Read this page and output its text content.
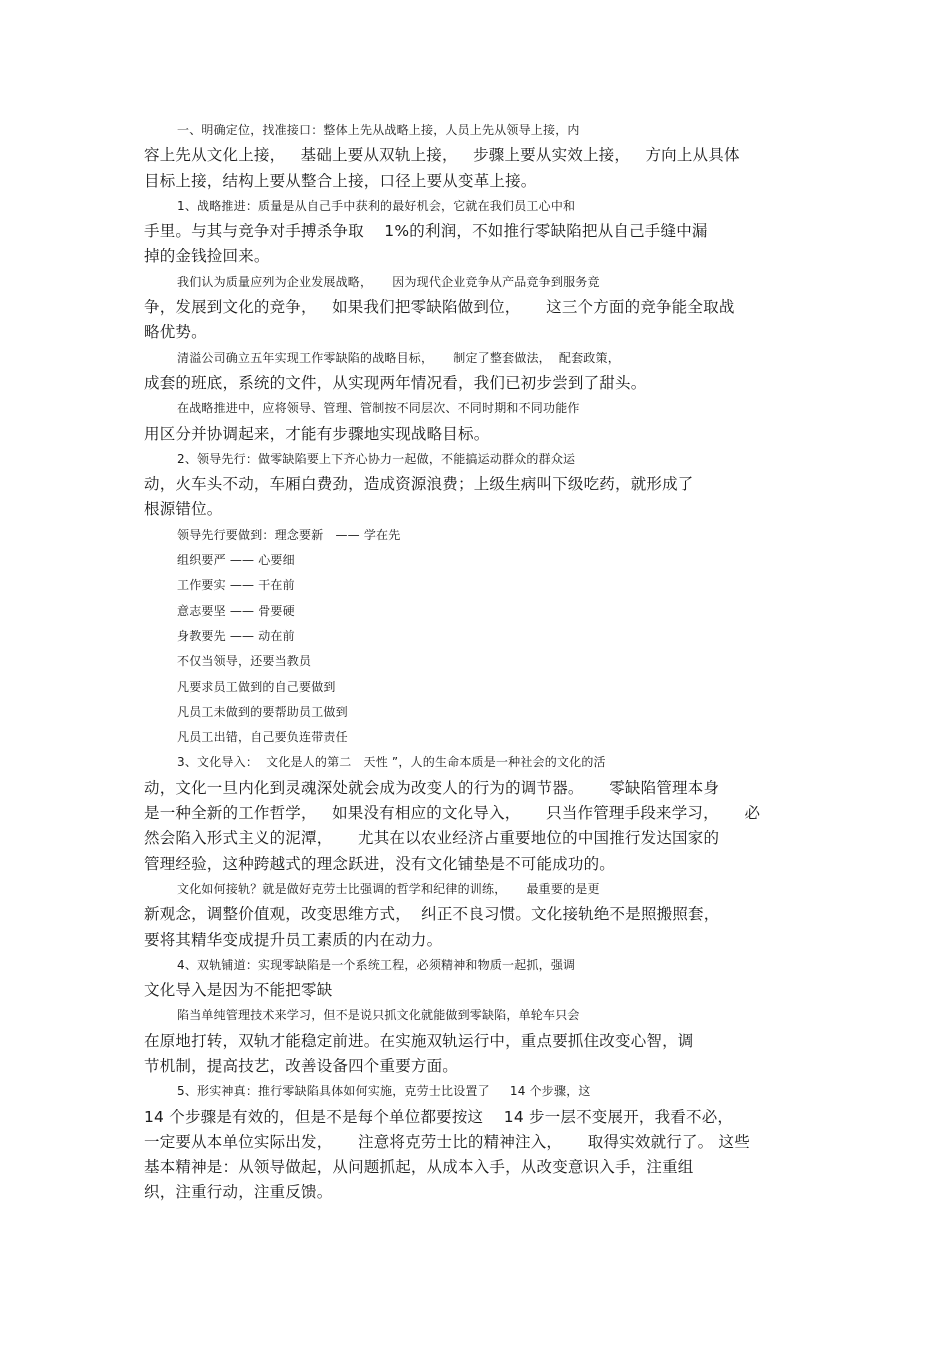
一、明确定位，找准接口：整体上先从战略上接，人员上先从领导上接，内
容上先从文化上接，   基础上要从双轨上接，   步骤上要从实效上接，   方向上从具体
目标上接，结构上要从整合上接，口径上要从变革上接。
1、战略推进：质量是从自己手中获利的最好机会，它就在我们员工心中和
手里。与其与竞争对手搏杀争取    1%的利润，不如推行零缺陷把从自己手缝中漏
掉的金钱捡回来。
我们认为质量应列为企业发展战略，     因为现代企业竞争从产品竞争到服务竞
争，发展到文化的竞争，   如果我们把零缺陷做到位，     这三个方面的竞争能全取战
略优势。
清溢公司确立五年实现工作零缺陷的战略目标，     制定了整套做法，  配套政策，
成套的班底，系统的文件，从实现两年情况看，我们已初步尝到了甜头。
在战略推进中，应将领导、管理、管制按不同层次、不同时期和不同功能作
用区分并协调起来，才能有步骤地实现战略目标。
2、领导先行：做零缺陷要上下齐心协力一起做，不能搞运动群众的群众运
动，火车头不动，车厢白费劲，造成资源浪费；上级生病叫下级吃药，就形成了
根源错位。
领导先行要做到：理念要新   —— 学在先
组织要严 —— 心要细
工作要实 —— 干在前
意志要坚 —— 骨要硬
身教要先 —— 动在前
不仅当领导，还要当教员
凡要求员工做到的自己要做到
凡员工未做到的要帮助员工做到
凡员工出错，自己要负连带责任
3、文化导入：  文化是人的第二   天性 ”，人的生命本质是一种社会的文化的活
动，文化一旦内化到灵魂深处就会成为改变人的行为的调节器。     零缺陷管理本身
是一种全新的工作哲学，   如果没有相应的文化导入，     只当作管理手段来学习，     必
然会陷入形式主义的泥潭，     尤其在以农业经济占重要地位的中国推行发达国家的
管理经验，这种跨越式的理念跃进，没有文化铺垫是不可能成功的。
文化如何接轨？就是做好克劳士比强调的哲学和纪律的训练，     最重要的是更
新观念，调整价值观，改变思维方式，  纠正不良习惯。文化接轨绝不是照搬照套，
要将其精华变成提升员工素质的内在动力。
4、双轨铺道：实现零缺陷是一个系统工程，必须精神和物质一起抓，强调
文化导入是因为不能把零缺
陷当单纯管理技术来学习，但不是说只抓文化就能做到零缺陷，单轮车只会
在原地打转，双轨才能稳定前进。在实施双轨运行中，重点要抓住改变心智，调
节机制，提高技艺，改善设备四个重要方面。
5、形实神真：推行零缺陷具体如何实施，克劳士比设置了     14 个步骤，这
14 个步骤是有效的，但是不是每个单位都要按这    14 步一层不变展开，我看不必，
一定要从本单位实际出发，     注意将克劳士比的精神注入，     取得实效就行了。 这些
基本精神是：从领导做起，从问题抓起，从成本入手，从改变意识入手，注重组
织，注重行动，注重反馈。
